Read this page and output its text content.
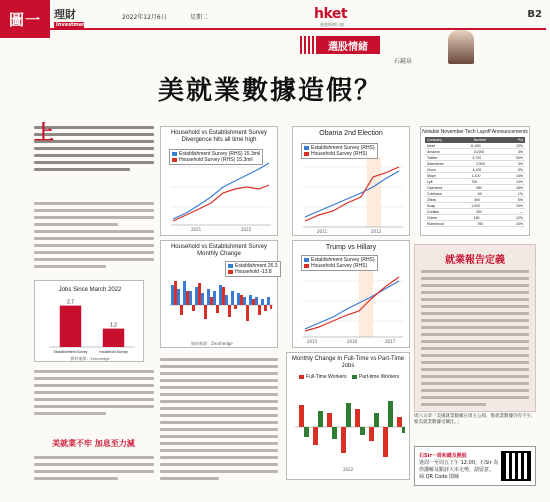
圖一	理財
Investment
2022年12月6日	星期二	hket
香港經濟日報
B2
選股情緒
石鏡泉
美就業數據造假？
上
Jobs Since March 2022
2,7
Establishment Survey
1.2
Household Survey
資料來源：Zerohedge
美就業不牢 加息至力減
Household vs Establishment Survey Divergence hits all time high
Establishment Survey (RHS) 15.3mil
Household Survey (RHS) 15.3mil
2021	2022
Obama 2nd Election
Establishment Survey (RHS)
Household Survey (RHS)
2011	2012
Notable November Tech Layoff Announcements
Company	Number	Pct
Meta	11,000	13%
Amazon	10,000	3%
Twitter	3,700	50%
Salesforce	2,500	3%
Cisco	4,100	5%
Stripe	1,100	14%
Lyft	700	13%
Opendoor	550	18%
Coinbase	60	1%
Zillow	300	5%
Snap	1,000	20%
Gorillas	300	—
Chime	160	12%
Robinhood	780	23%
Household vs Establishment Survey Monthly Change
Establishment 26.3
Household -13.8
資料來源：Zerohedge
Trump vs Hillary
Establishment Survey (RHS)
Household Survey (RHS)
2015	2016	2017
Monthly Change In Full-Time vs Part-Time Jobs
Full-Time Workers
Part-time Workers
2022
就業報告定義
周六文章「美國就業數據在周五公佈，惟就業數據仍有不少，惟美就業數據受關注。」
石Sir一周和總及熱股
逢周一至周五下午 12:00，石Sir 為你講解及點評大市走勢，請留意。
掃 QR Code 即睇
